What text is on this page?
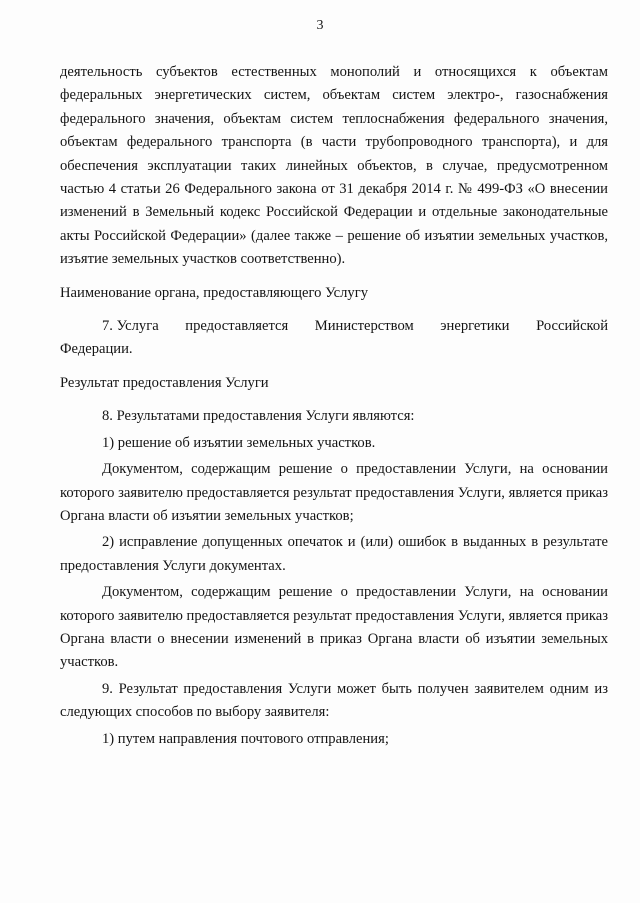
3

деятельность субъектов естественных монополий и относящихся к объектам федеральных энергетических систем, объектам систем электро-, газоснабжения федерального значения, объектам систем теплоснабжения федерального значения, объектам федерального транспорта (в части трубопроводного транспорта), и для обеспечения эксплуатации таких линейных объектов, в случае, предусмотренном частью 4 статьи 26 Федерального закона от 31 декабря 2014 г. № 499-ФЗ «О внесении изменений в Земельный кодекс Российской Федерации и отдельные законодательные акты Российской Федерации» (далее также – решение об изъятии земельных участков, изъятие земельных участков соответственно).

Наименование органа, предоставляющего Услугу

7. Услуга предоставляется Министерством энергетики Российской

Федерации.

Результат предоставления Услуги

8. Результатами предоставления Услуги являются:

1) решение об изъятии земельных участков.

Документом, содержащим решение о предоставлении Услуги, на основании которого заявителю предоставляется результат предоставления Услуги, является приказ Органа власти об изъятии земельных участков;

2) исправление допущенных опечаток и (или) ошибок в выданных в результате предоставления Услуги документах.

Документом, содержащим решение о предоставлении Услуги, на основании которого заявителю предоставляется результат предоставления Услуги, является приказ Органа власти о внесении изменений в приказ Органа власти об изъятии земельных участков.

9. Результат предоставления Услуги может быть получен заявителем одним из следующих способов по выбору заявителя:

1) путем направления почтового отправления;
